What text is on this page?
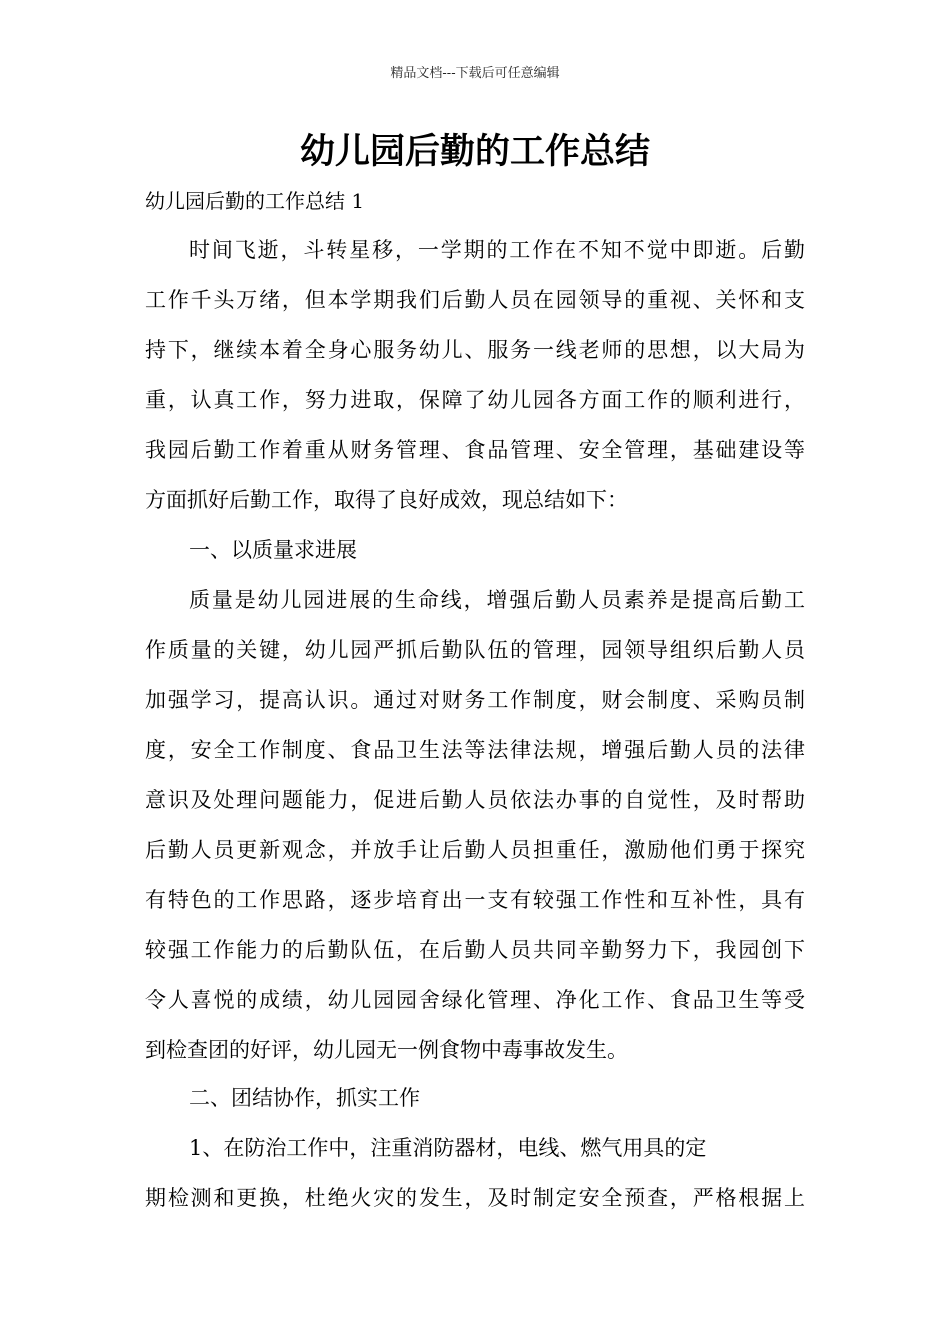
精品文档---下载后可任意编辑
幼儿园后勤的工作总结
幼儿园后勤的工作总结 1
时间飞逝，斗转星移，一学期的工作在不知不觉中即逝。后勤
工作千头万绪，但本学期我们后勤人员在园领导的重视、关怀和支
持下，继续本着全身心服务幼儿、服务一线老师的思想，以大局为
重，认真工作，努力进取，保障了幼儿园各方面工作的顺利进行，
我园后勤工作着重从财务管理、食品管理、安全管理，基础建设等
方面抓好后勤工作，取得了良好成效，现总结如下：
一、以质量求进展
质量是幼儿园进展的生命线，增强后勤人员素养是提高后勤工
作质量的关键，幼儿园严抓后勤队伍的管理，园领导组织后勤人员
加强学习，提高认识。通过对财务工作制度，财会制度、采购员制
度，安全工作制度、食品卫生法等法律法规，增强后勤人员的法律
意识及处理问题能力，促进后勤人员依法办事的自觉性，及时帮助
后勤人员更新观念，并放手让后勤人员担重任，激励他们勇于探究
有特色的工作思路，逐步培育出一支有较强工作性和互补性，具有
较强工作能力的后勤队伍，在后勤人员共同辛勤努力下，我园创下
令人喜悦的成绩，幼儿园园舍绿化管理、净化工作、食品卫生等受
到检查团的好评，幼儿园无一例食物中毒事故发生。
二、团结协作，抓实工作
1、在防治工作中，注重消防器材，电线、燃气用具的定
期检测和更换，杜绝火灾的发生，及时制定安全预查，严格根据上
